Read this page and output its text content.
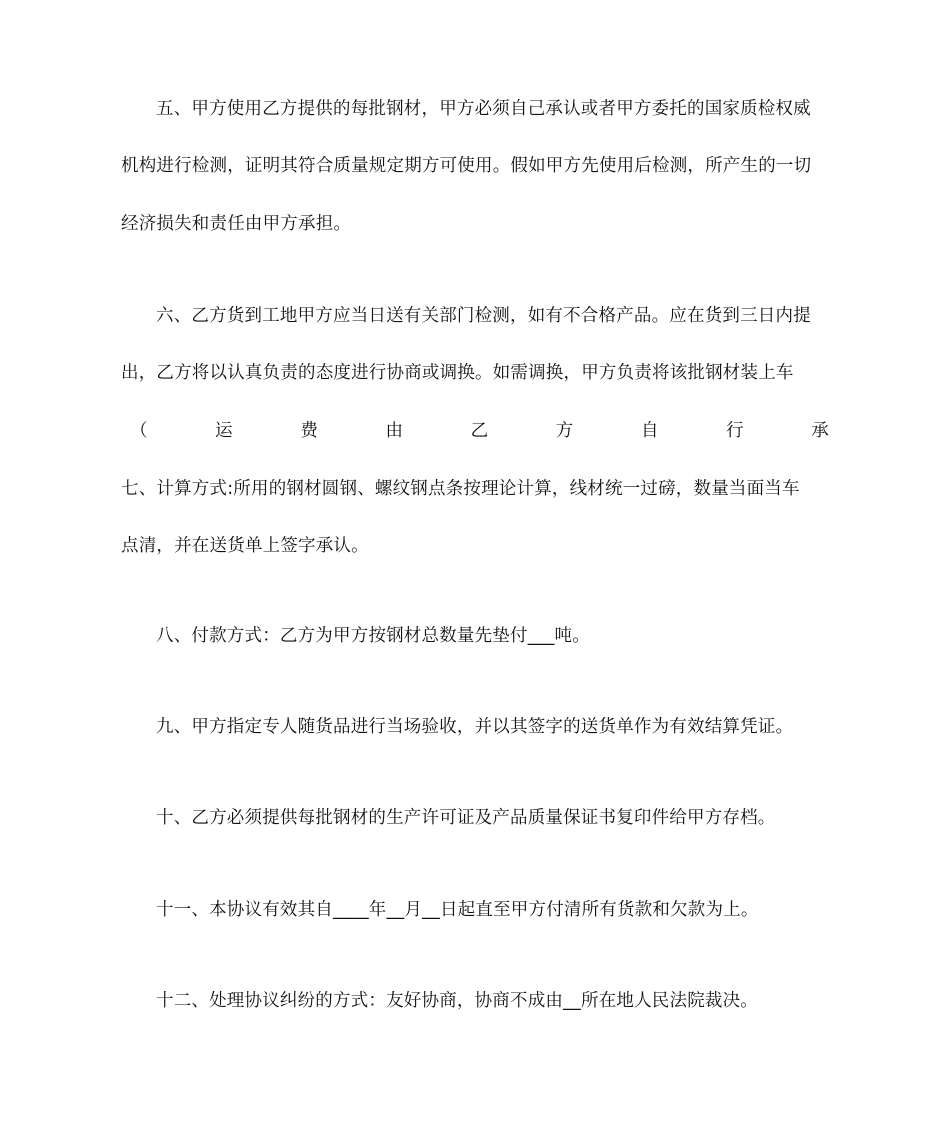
五、甲方使用乙方提供的每批钢材，甲方必须自己承认或者甲方委托的国家质检权威
机构进行检测，证明其符合质量规定期方可使用。假如甲方先使用后检测，所产生的一切
经济损失和责任由甲方承担。
六、乙方货到工地甲方应当日送有关部门检测，如有不合格产品。应在货到三日内提
出，乙方将以认真负责的态度进行协商或调换。如需调换，甲方负责将该批钢材装上车
（	运	费	由	乙	方	自	行	承
七、计算方式:所用的钢材圆钢、螺纹钢点条按理论计算，线材统一过磅，数量当面当车
点清，并在送货单上签字承认。
八、付款方式：乙方为甲方按钢材总数量先垫付___吨。
九、甲方指定专人随货品进行当场验收，并以其签字的送货单作为有效结算凭证。
十、乙方必须提供每批钢材的生产许可证及产品质量保证书复印件给甲方存档。
十一、本协议有效其自____年__月__日起直至甲方付清所有货款和欠款为上。
十二、处理协议纠纷的方式：友好协商，协商不成由__所在地人民法院裁决。
